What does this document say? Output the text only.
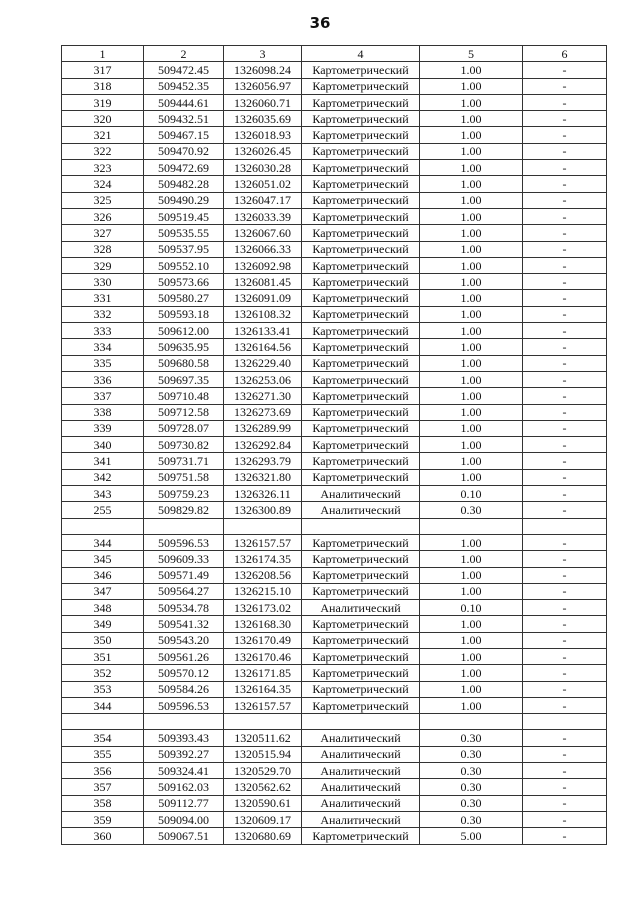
36
1	2	3	4	5	6
317	509472.45	1326098.24	Картометрический	1.00	-
318	509452.35	1326056.97	Картометрический	1.00	-
319	509444.61	1326060.71	Картометрический	1.00	-
320	509432.51	1326035.69	Картометрический	1.00	-
321	509467.15	1326018.93	Картометрический	1.00	-
322	509470.92	1326026.45	Картометрический	1.00	-
323	509472.69	1326030.28	Картометрический	1.00	-
324	509482.28	1326051.02	Картометрический	1.00	-
325	509490.29	1326047.17	Картометрический	1.00	-
326	509519.45	1326033.39	Картометрический	1.00	-
327	509535.55	1326067.60	Картометрический	1.00	-
328	509537.95	1326066.33	Картометрический	1.00	-
329	509552.10	1326092.98	Картометрический	1.00	-
330	509573.66	1326081.45	Картометрический	1.00	-
331	509580.27	1326091.09	Картометрический	1.00	-
332	509593.18	1326108.32	Картометрический	1.00	-
333	509612.00	1326133.41	Картометрический	1.00	-
334	509635.95	1326164.56	Картометрический	1.00	-
335	509680.58	1326229.40	Картометрический	1.00	-
336	509697.35	1326253.06	Картометрический	1.00	-
337	509710.48	1326271.30	Картометрический	1.00	-
338	509712.58	1326273.69	Картометрический	1.00	-
339	509728.07	1326289.99	Картометрический	1.00	-
340	509730.82	1326292.84	Картометрический	1.00	-
341	509731.71	1326293.79	Картометрический	1.00	-
342	509751.58	1326321.80	Картометрический	1.00	-
343	509759.23	1326326.11	Аналитический	0.10	-
255	509829.82	1326300.89	Аналитический	0.30	-

344	509596.53	1326157.57	Картометрический	1.00	-
345	509609.33	1326174.35	Картометрический	1.00	-
346	509571.49	1326208.56	Картометрический	1.00	-
347	509564.27	1326215.10	Картометрический	1.00	-
348	509534.78	1326173.02	Аналитический	0.10	-
349	509541.32	1326168.30	Картометрический	1.00	-
350	509543.20	1326170.49	Картометрический	1.00	-
351	509561.26	1326170.46	Картометрический	1.00	-
352	509570.12	1326171.85	Картометрический	1.00	-
353	509584.26	1326164.35	Картометрический	1.00	-
344	509596.53	1326157.57	Картометрический	1.00	-

354	509393.43	1320511.62	Аналитический	0.30	-
355	509392.27	1320515.94	Аналитический	0.30	-
356	509324.41	1320529.70	Аналитический	0.30	-
357	509162.03	1320562.62	Аналитический	0.30	-
358	509112.77	1320590.61	Аналитический	0.30	-
359	509094.00	1320609.17	Аналитический	0.30	-
360	509067.51	1320680.69	Картометрический	5.00	-
